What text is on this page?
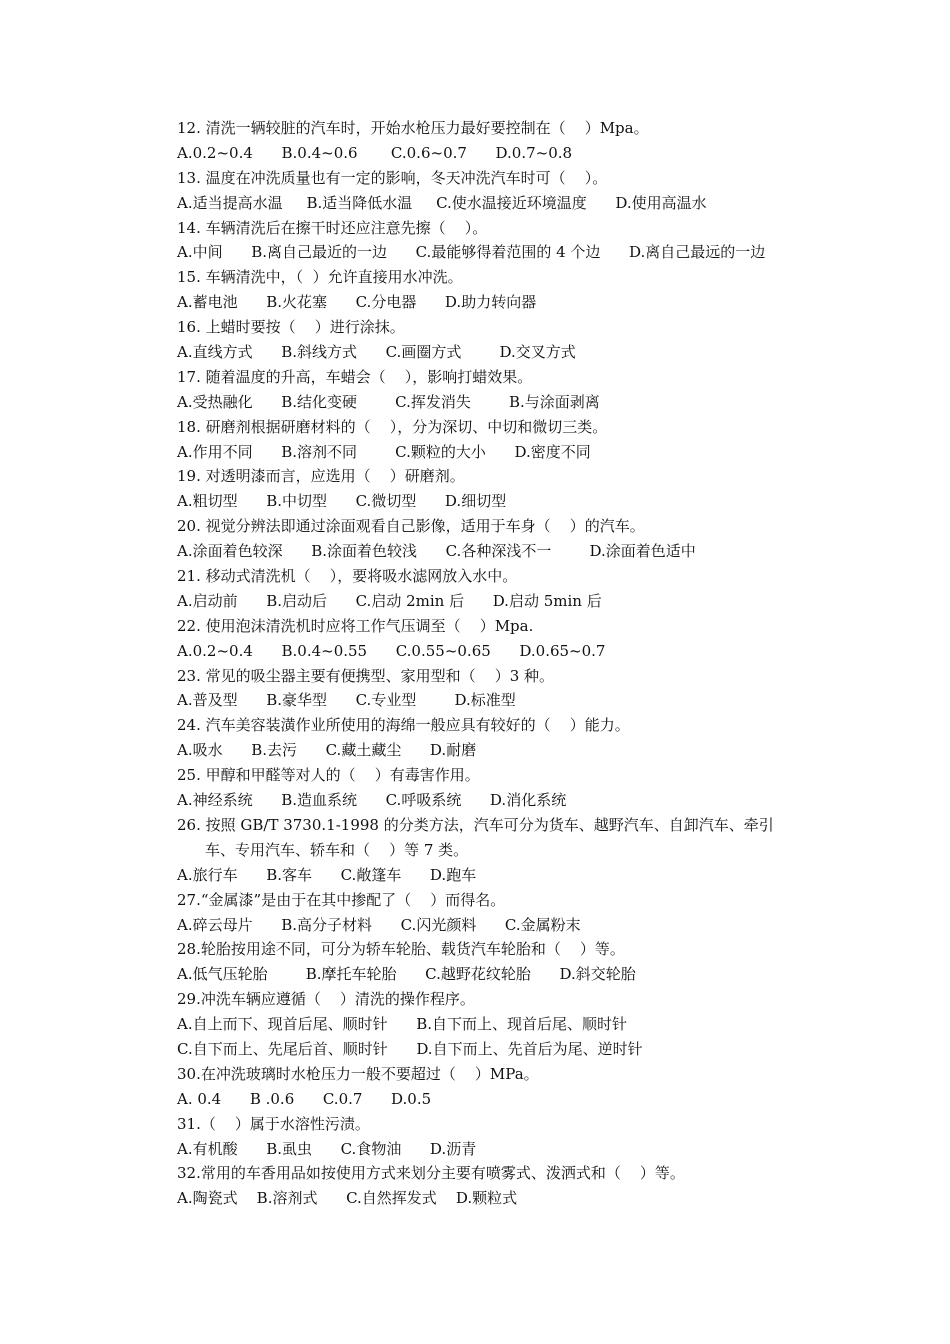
12. 清洗一辆较脏的汽车时，开始水枪压力最好要控制在（    ）Mpa。
A.0.2~0.4      B.0.4~0.6       C.0.6~0.7      D.0.7~0.8
13. 温度在冲洗质量也有一定的影响，冬天冲洗汽车时可（    ）。
A.适当提高水温     B.适当降低水温     C.使水温接近环境温度      D.使用高温水
14. 车辆清洗后在擦干时还应注意先擦（    ）。
A.中间      B.离自己最近的一边      C.最能够得着范围的 4 个边      D.离自己最远的一边
15. 车辆清洗中，（  ）允许直接用水冲洗。
A.蓄电池      B.火花塞      C.分电器      D.助力转向器
16. 上蜡时要按（    ）进行涂抹。
A.直线方式      B.斜线方式      C.画圈方式        D.交叉方式
17. 随着温度的升高，车蜡会（    ），影响打蜡效果。
A.受热融化      B.结化变硬        C.挥发消失        B.与涂面剥离
18. 研磨剂根据研磨材料的（    ），分为深切、中切和微切三类。
A.作用不同      B.溶剂不同        C.颗粒的大小      D.密度不同
19. 对透明漆而言，应选用（    ）研磨剂。
A.粗切型      B.中切型      C.微切型      D.细切型
20. 视觉分辨法即通过涂面观看自己影像，适用于车身（    ）的汽车。
A.涂面着色较深      B.涂面着色较浅      C.各种深浅不一        D.涂面着色适中
21. 移动式清洗机（    ），要将吸水滤网放入水中。
A.启动前      B.启动后      C.启动 2min 后      D.启动 5min 后
22. 使用泡沫清洗机时应将工作气压调至（    ）Mpa.
A.0.2~0.4      B.0.4~0.55      C.0.55~0.65      D.0.65~0.7
23. 常见的吸尘器主要有便携型、家用型和（    ）3 种。
A.普及型      B.豪华型      C.专业型        D.标准型
24. 汽车美容装潢作业所使用的海绵一般应具有较好的（    ）能力。
A.吸水      B.去污      C.藏土藏尘      D.耐磨
25. 甲醇和甲醛等对人的（    ）有毒害作用。
A.神经系统      B.造血系统      C.呼吸系统      D.消化系统
26. 按照 GB/T 3730.1-1998 的分类方法，汽车可分为货车、越野汽车、自卸汽车、牵引
车、专用汽车、轿车和（    ）等 7 类。
A.旅行车      B.客车      C.敞篷车      D.跑车
27.“金属漆”是由于在其中掺配了（    ）而得名。
A.碎云母片      B.高分子材料      C.闪光颜料      C.金属粉末
28.轮胎按用途不同，可分为轿车轮胎、载货汽车轮胎和（    ）等。
A.低气压轮胎        B.摩托车轮胎      C.越野花纹轮胎      D.斜交轮胎
29.冲洗车辆应遵循（    ）清洗的操作程序。
A.自上而下、现首后尾、顺时针      B.自下而上、现首后尾、顺时针
C.自下而上、先尾后首、顺时针      D.自下而上、先首后为尾、逆时针
30.在冲洗玻璃时水枪压力一般不要超过（    ）MPa。
A. 0.4      B .0.6      C.0.7      D.0.5
31.（    ）属于水溶性污渍。
A.有机酸      B.虱虫      C.食物油      D.沥青
32.常用的车香用品如按使用方式来划分主要有喷雾式、泼洒式和（    ）等。
A.陶瓷式    B.溶剂式      C.自然挥发式    D.颗粒式
